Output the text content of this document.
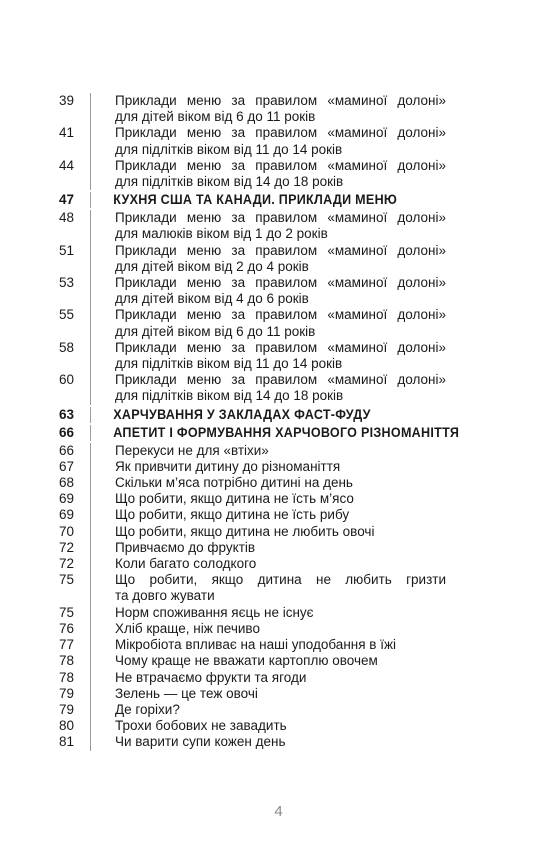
39	Приклади меню за правилом «маминої долоні»
для дітей віком від 6 до 11 років
41	Приклади меню за правилом «маминої долоні»
для підлітків віком від 11 до 14 років
44	Приклади меню за правилом «маминої долоні»
для підлітків віком від 14 до 18 років
47	КУХНЯ США ТА КАНАДИ. ПРИКЛАДИ МЕНЮ
48	Приклади меню за правилом «маминої долоні»
для малюків віком від 1 до 2 років
51	Приклади меню за правилом «маминої долоні»
для дітей віком від 2 до 4 років
53	Приклади меню за правилом «маминої долоні»
для дітей віком від 4 до 6 років
55	Приклади меню за правилом «маминої долоні»
для дітей віком від 6 до 11 років
58	Приклади меню за правилом «маминої долоні»
для підлітків віком від 11 до 14 років
60	Приклади меню за правилом «маминої долоні»
для підлітків віком від 14 до 18 років
63	ХАРЧУВАННЯ У ЗАКЛАДАХ ФАСТ-ФУДУ
66	АПЕТИТ І ФОРМУВАННЯ ХАРЧОВОГО РІЗНОМАНІТТЯ
66	Перекуси не для «втіхи»
67	Як привчити дитину до різноманіття
68	Скільки м’яса потрібно дитині на день
69	Що робити, якщо дитина не їсть м’ясо
69	Що робити, якщо дитина не їсть рибу
70	Що робити, якщо дитина не любить овочі
72	Привчаємо до фруктів
72	Коли багато солодкого
75	Що робити, якщо дитина не любить гризти
та довго жувати
75	Норм споживання яєць не існує
76	Хліб краще, ніж печиво
77	Мікробіота впливає на наші уподобання в їжі
78	Чому краще не вважати картоплю овочем
78	Не втрачаємо фрукти та ягоди
79	Зелень — це теж овочі
79	Де горіхи?
80	Трохи бобових не завадить
81	Чи варити супи кожен день
4
